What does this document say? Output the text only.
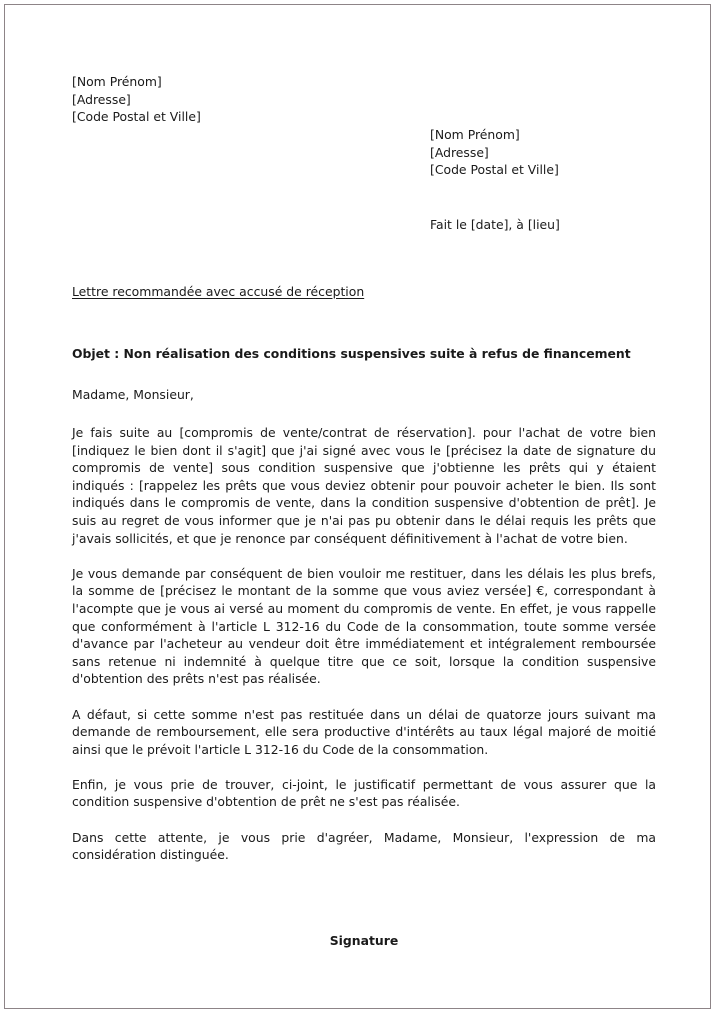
[Nom Prénom]
[Adresse]
[Code Postal et Ville]
[Nom Prénom]
[Adresse]
[Code Postal et Ville]
Fait le [date], à [lieu]
Lettre recommandée avec accusé de réception
Objet : Non réalisation des conditions suspensives suite à refus de financement
Madame, Monsieur,

Je fais suite au [compromis de vente/contrat de réservation]. pour l'achat de votre bien [indiquez le bien dont il s'agit] que j'ai signé avec vous le [précisez la date de signature du compromis de vente] sous condition suspensive que j'obtienne les prêts qui y étaient indiqués : [rappelez les prêts que vous deviez obtenir pour pouvoir acheter le bien. Ils sont indiqués dans le compromis de vente, dans la condition suspensive d'obtention de prêt]. Je suis au regret de vous informer que je n'ai pas pu obtenir dans le délai requis les prêts que j'avais sollicités, et que je renonce par conséquent définitivement à l'achat de votre bien.

Je vous demande par conséquent de bien vouloir me restituer, dans les délais les plus brefs, la somme de [précisez le montant de la somme que vous aviez versée] €, correspondant à l'acompte que je vous ai versé au moment du compromis de vente. En effet, je vous rappelle que conformément à l'article L 312-16 du Code de la consommation, toute somme versée d'avance par l'acheteur au vendeur doit être immédiatement et intégralement remboursée sans retenue ni indemnité à quelque titre que ce soit, lorsque la condition suspensive d'obtention des prêts n'est pas réalisée.

A défaut, si cette somme n'est pas restituée dans un délai de quatorze jours suivant ma demande de remboursement, elle sera productive d'intérêts au taux légal majoré de moitié ainsi que le prévoit l'article L 312-16 du Code de la consommation.

Enfin, je vous prie de trouver, ci-joint, le justificatif permettant de vous assurer que la condition suspensive d'obtention de prêt ne s'est pas réalisée.

Dans cette attente, je vous prie d'agréer, Madame, Monsieur, l'expression de ma considération distinguée.

Signature
